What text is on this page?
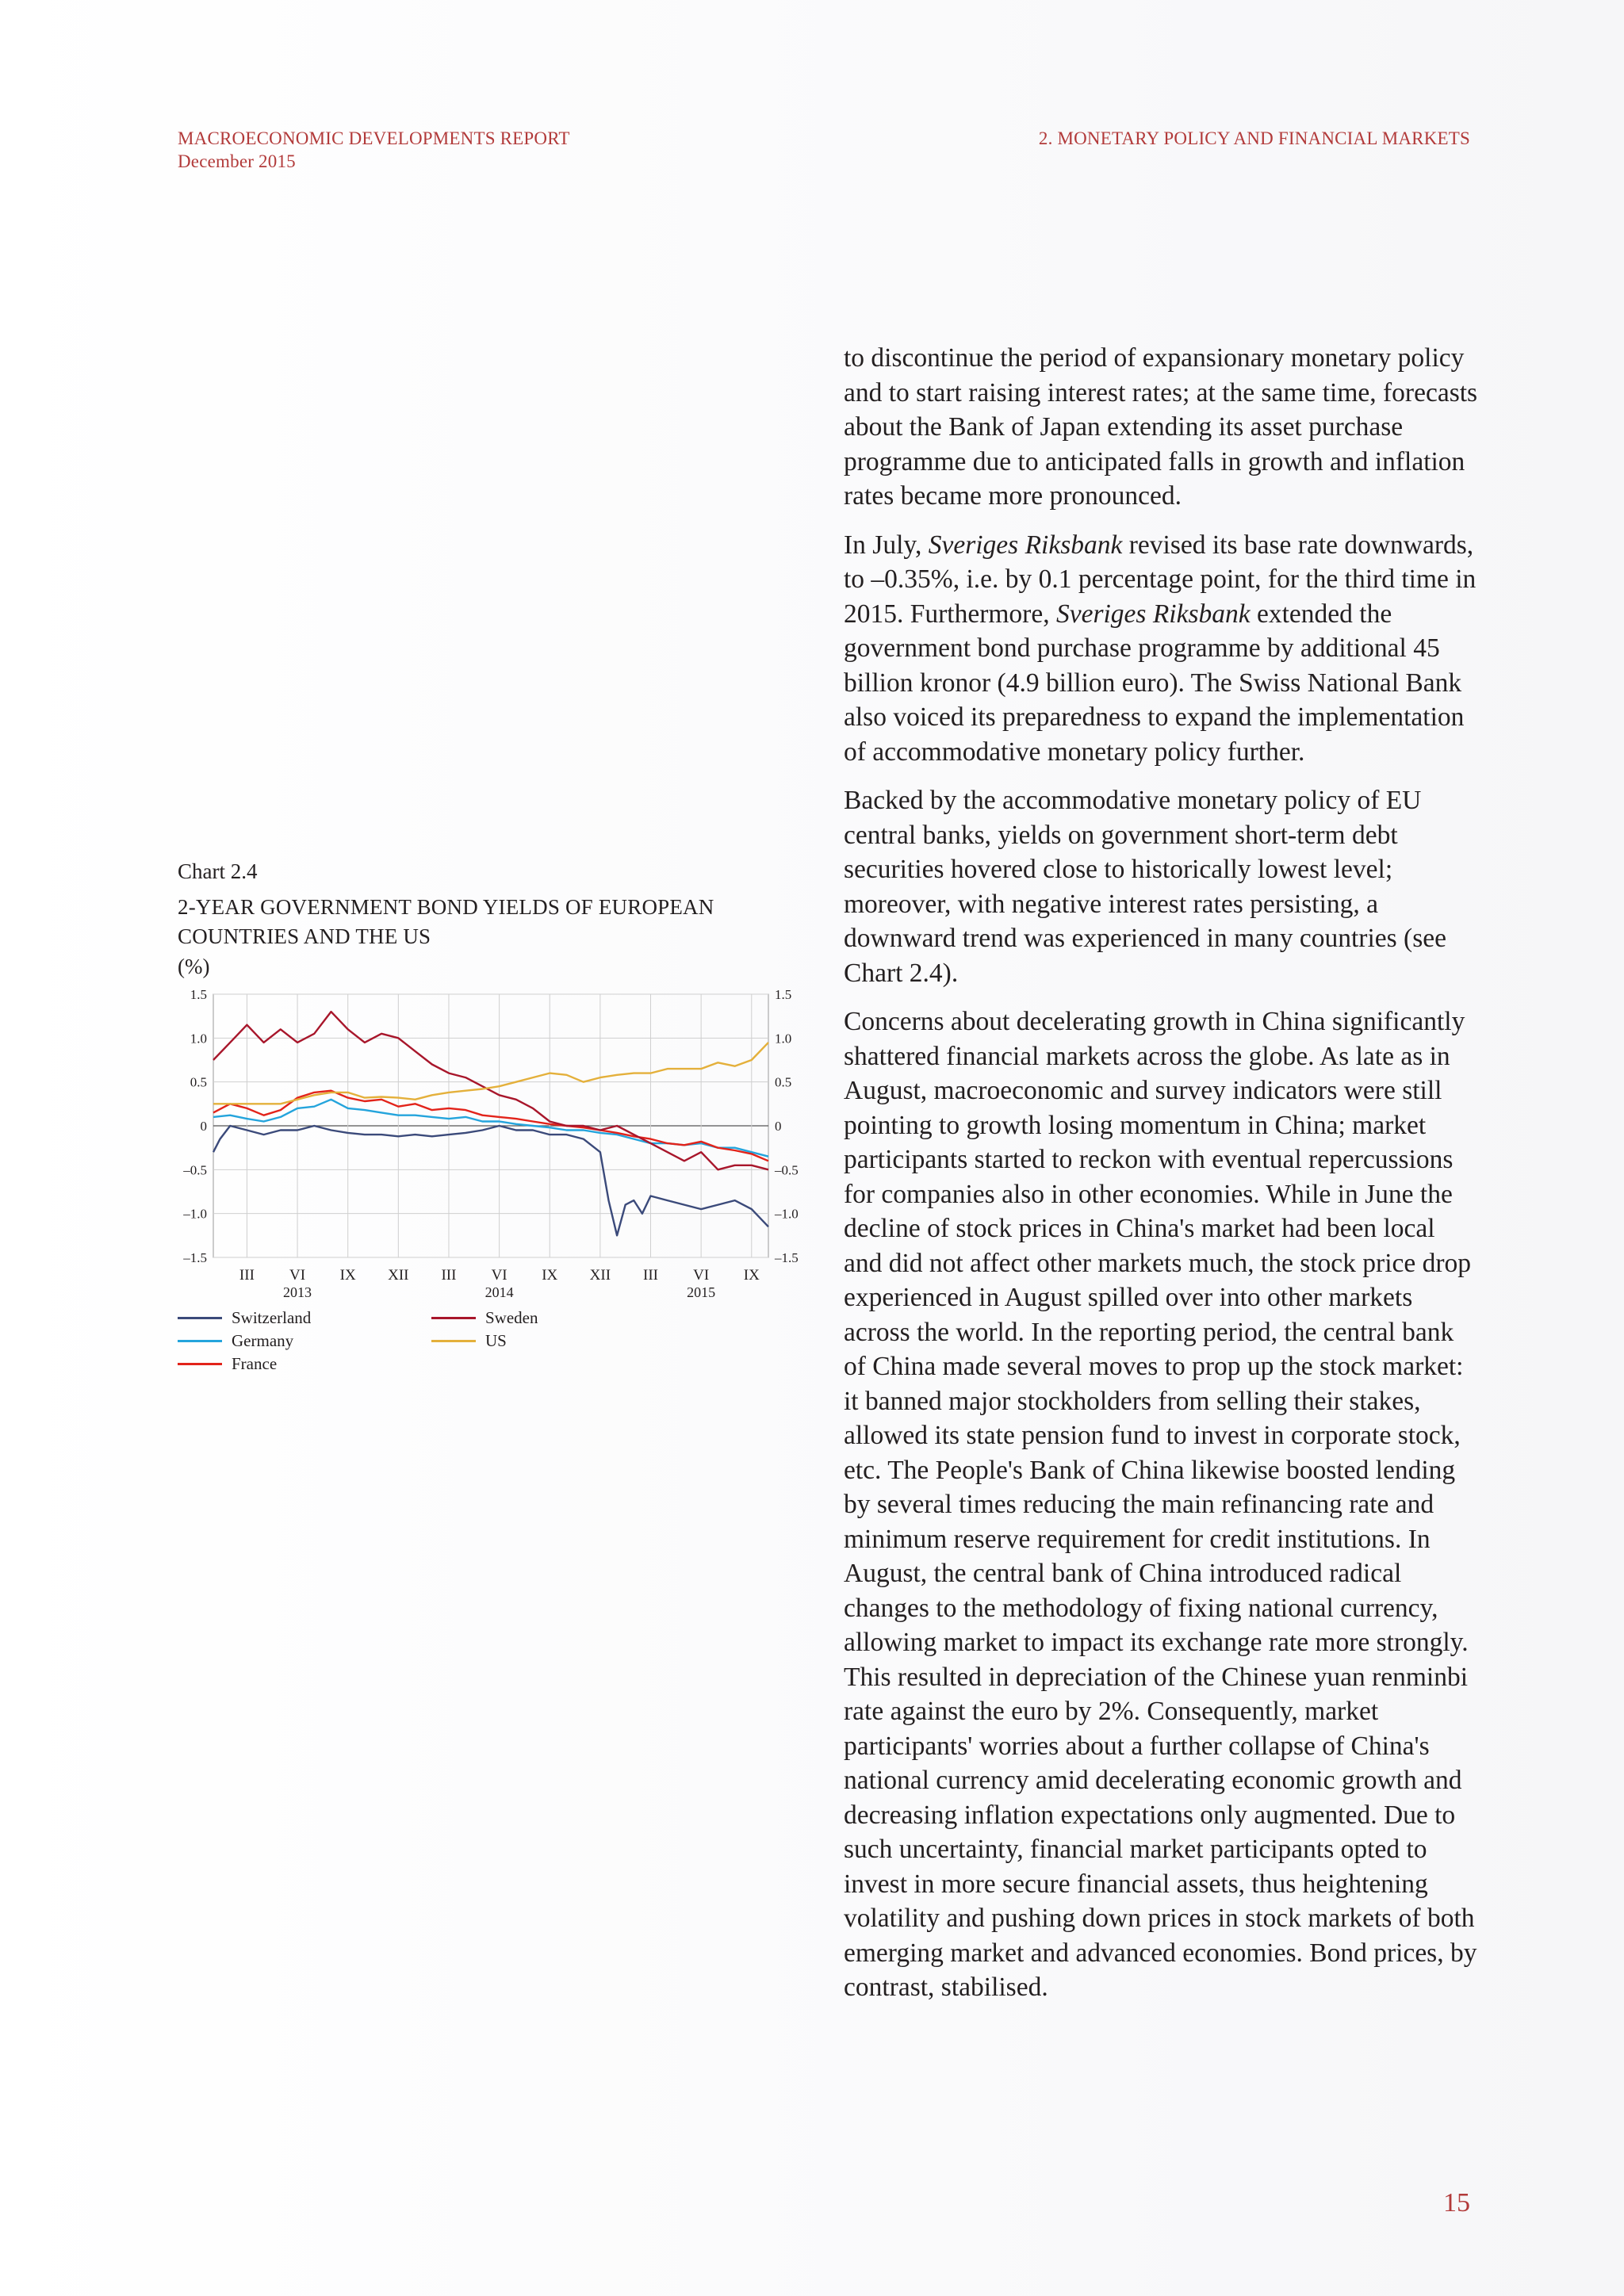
MACROECONOMIC DEVELOPMENTS REPORT
December 2015
2. MONETARY POLICY AND FINANCIAL MARKETS

to discontinue the period of expansionary monetary policy and to start raising interest rates; at the same time, forecasts about the Bank of Japan extending its asset purchase programme due to anticipated falls in growth and inflation rates became more pronounced.

In July, Sveriges Riksbank revised its base rate downwards, to –0.35%, i.e. by 0.1 percentage point, for the third time in 2015. Furthermore, Sveriges Riksbank extended the government bond purchase programme by additional 45 billion kronor (4.9 billion euro). The Swiss National Bank also voiced its preparedness to expand the implementation of accommodative monetary policy further.

Backed by the accommodative monetary policy of EU central banks, yields on government short-term debt securities hovered close to historically lowest level; moreover, with negative interest rates persisting, a downward trend was experienced in many countries (see Chart 2.4).

Concerns about decelerating growth in China significantly shattered financial markets across the globe. As late as in August, macroeconomic and survey indicators were still pointing to growth losing momentum in China; market participants started to reckon with eventual repercussions for companies also in other economies. While in June the decline of stock prices in China's market had been local and did not affect other markets much, the stock price drop experienced in August spilled over into other markets across the world. In the reporting period, the central bank of China made several moves to prop up the stock market: it banned major stockholders from selling their stakes, allowed its state pension fund to invest in corporate stock, etc. The People's Bank of China likewise boosted lending by several times reducing the main refinancing rate and minimum reserve requirement for credit institutions. In August, the central bank of China introduced radical changes to the methodology of fixing national currency, allowing market to impact its exchange rate more strongly. This resulted in depreciation of the Chinese yuan renminbi rate against the euro by 2%. Consequently, market participants' worries about a further collapse of China's national currency amid decelerating economic growth and decreasing inflation expectations only augmented. Due to such uncertainty, financial market participants opted to invest in more secure financial assets, thus heightening volatility and pushing down prices in stock markets of both emerging market and advanced economies. Bond prices, by contrast, stabilised.

Chart 2.4
2-YEAR GOVERNMENT BOND YIELDS OF EUROPEAN
COUNTRIES AND THE US
(%)
1.5	1.5
1.0	1.0
0.5	0.5
0	0
–0.5	–0.5
–1.0	–1.0
–1.5	–1.5
III VI IX XII III VI IX XII III VI IX
2013	2014	2015
Switzerland	Sweden
Germany	US
France
15
